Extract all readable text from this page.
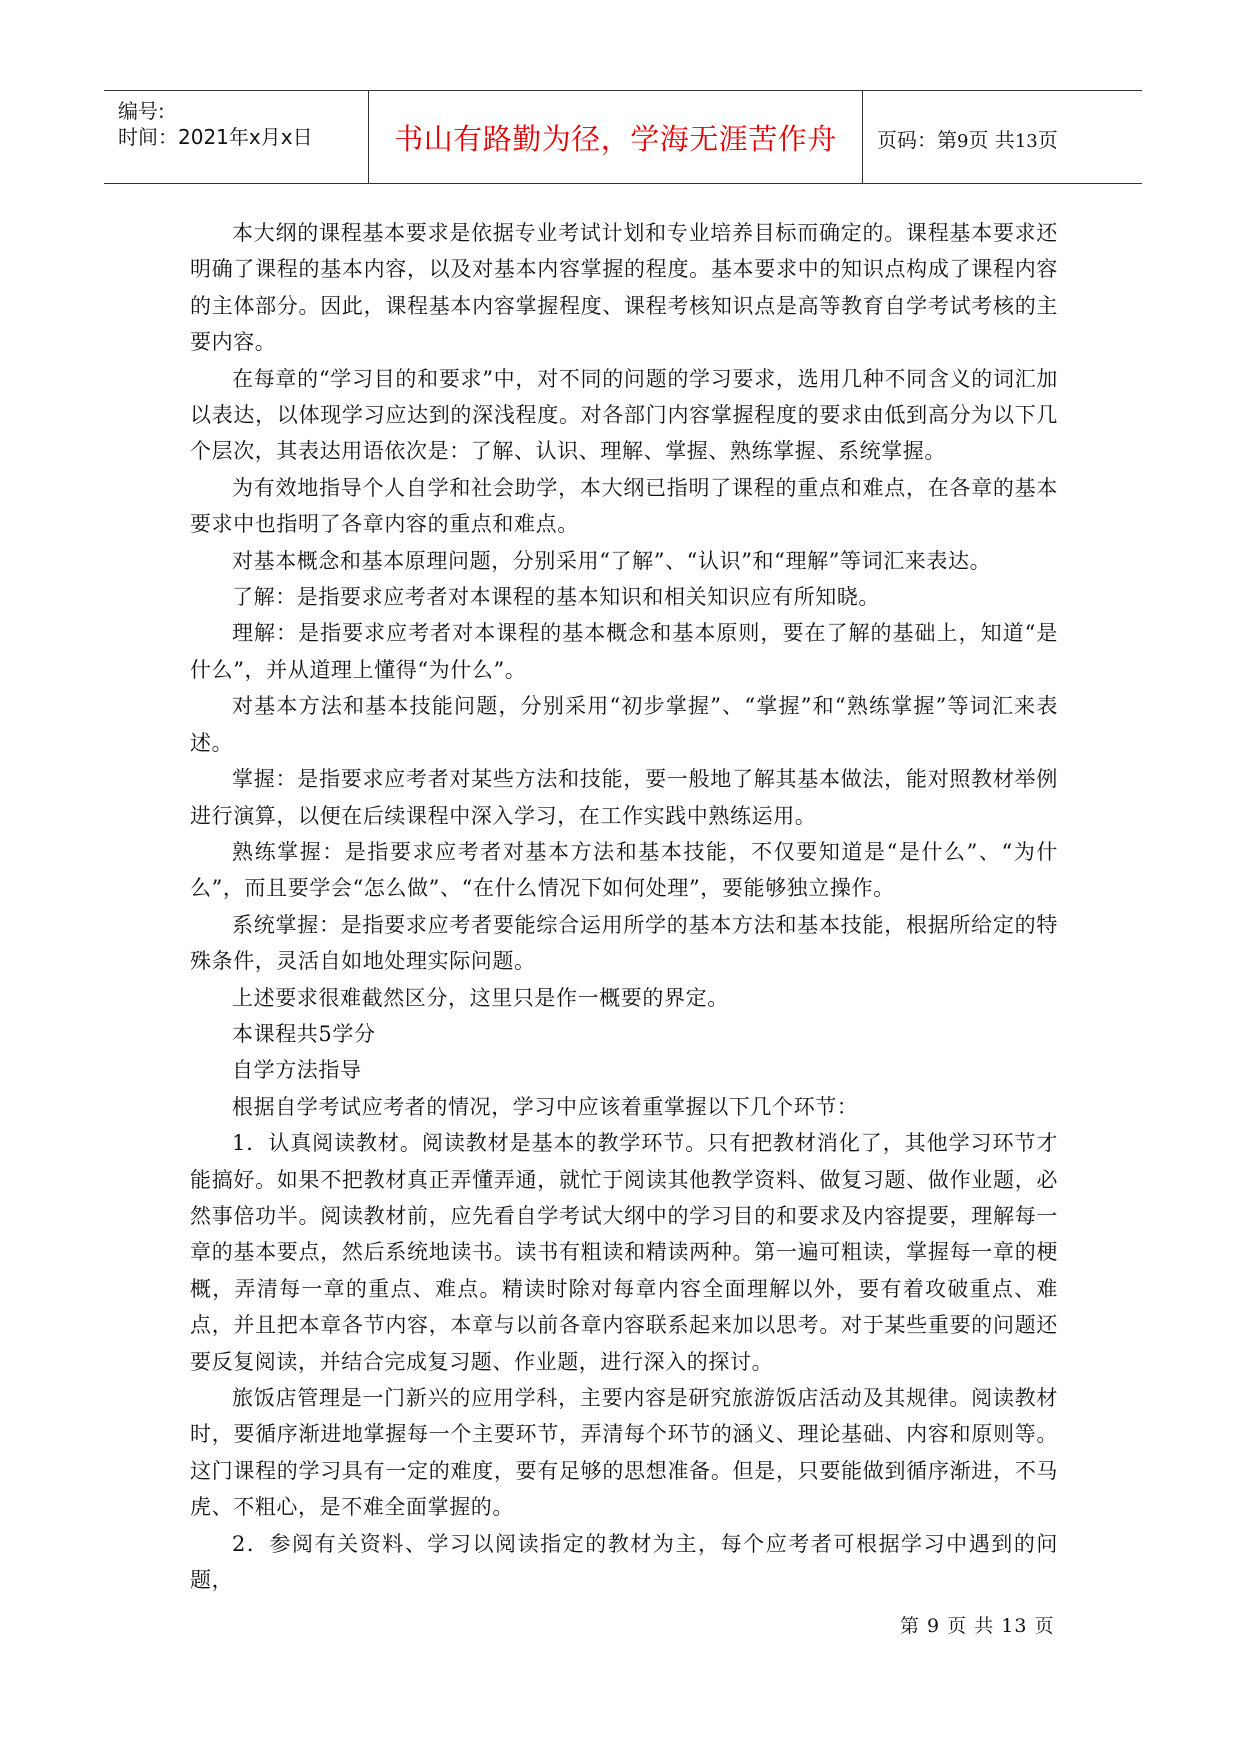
编号:
时间：2021年x月x日	书山有路勤为径，学海无涯苦作舟	页码：第9页 共13页

本大纲的课程基本要求是依据专业考试计划和专业培养目标而确定的。课程基本要求还明确了课程的基本内容，以及对基本内容掌握的程度。基本要求中的知识点构成了课程内容的主体部分。因此，课程基本内容掌握程度、课程考核知识点是高等教育自学考试考核的主要内容。

在每章的“学习目的和要求”中，对不同的问题的学习要求，选用几种不同含义的词汇加以表达，以体现学习应达到的深浅程度。对各部门内容掌握程度的要求由低到高分为以下几个层次，其表达用语依次是：了解、认识、理解、掌握、熟练掌握、系统掌握。

为有效地指导个人自学和社会助学，本大纲已指明了课程的重点和难点，在各章的基本要求中也指明了各章内容的重点和难点。

对基本概念和基本原理问题，分别采用“了解”、“认识”和“理解”等词汇来表达。

了解：是指要求应考者对本课程的基本知识和相关知识应有所知晓。

理解：是指要求应考者对本课程的基本概念和基本原则，要在了解的基础上，知道“是什么”，并从道理上懂得“为什么”。

对基本方法和基本技能问题，分别采用“初步掌握”、“掌握”和“熟练掌握”等词汇来表述。

掌握：是指要求应考者对某些方法和技能，要一般地了解其基本做法，能对照教材举例进行演算，以便在后续课程中深入学习，在工作实践中熟练运用。

熟练掌握：是指要求应考者对基本方法和基本技能，不仅要知道是“是什么”、“为什么”，而且要学会“怎么做”、“在什么情况下如何处理”，要能够独立操作。

系统掌握：是指要求应考者要能综合运用所学的基本方法和基本技能，根据所给定的特殊条件，灵活自如地处理实际问题。

上述要求很难截然区分，这里只是作一概要的界定。

本课程共5学分

自学方法指导

根据自学考试应考者的情况，学习中应该着重掌握以下几个环节：

1．认真阅读教材。阅读教材是基本的教学环节。只有把教材消化了，其他学习环节才能搞好。如果不把教材真正弄懂弄通，就忙于阅读其他教学资料、做复习题、做作业题，必然事倍功半。阅读教材前，应先看自学考试大纲中的学习目的和要求及内容提要，理解每一章的基本要点，然后系统地读书。读书有粗读和精读两种。第一遍可粗读，掌握每一章的梗概，弄清每一章的重点、难点。精读时除对每章内容全面理解以外，要有着攻破重点、难点，并且把本章各节内容，本章与以前各章内容联系起来加以思考。对于某些重要的问题还要反复阅读，并结合完成复习题、作业题，进行深入的探讨。

旅饭店管理是一门新兴的应用学科，主要内容是研究旅游饭店活动及其规律。阅读教材时，要循序渐进地掌握每一个主要环节，弄清每个环节的涵义、理论基础、内容和原则等。这门课程的学习具有一定的难度，要有足够的思想准备。但是，只要能做到循序渐进，不马虎、不粗心，是不难全面掌握的。

2．参阅有关资料、学习以阅读指定的教材为主，每个应考者可根据学习中遇到的问题，

第 9 页 共 13 页
